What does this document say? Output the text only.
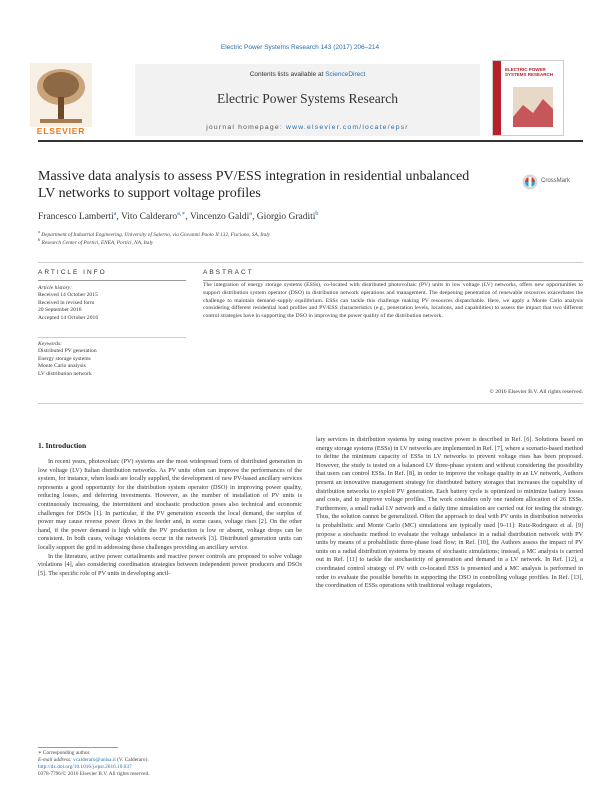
Electric Power Systems Research 143 (2017) 206–214
Contents lists available at ScienceDirect
Electric Power Systems Research
journal homepage: www.elsevier.com/locate/epsr
ELSEVIER
ELECTRIC POWER SYSTEMS RESEARCH
Massive data analysis to assess PV/ESS integration in residential unbalanced LV networks to support voltage profiles
CrossMark
Francesco Lamberti$^a$, Vito Calderaro$^{a,∗}$, Vincenzo Galdi$^a$, Giorgio Graditi$^b$
$^a$ Department of Industrial Engineering, University of Salerno, via Giovanni Paolo II 132, Fisciano, SA, Italy
$^b$ Research Center of Portici, ENEA, Portici, NA, Italy
ARTICLE INFO	ABSTRACT
Article history:
Received 14 October 2015
Received in revised form
20 September 2016
Accepted 14 October 2016
Keywords:
Distributed PV generation
Energy storage systems
Monte Carlo analysis
LV distribution network
The integration of energy storage systems (ESSs), co-located with distributed photovoltaic (PV) units in low voltage (LV) networks, offers new opportunities to support distribution system operator (DSO) in distribution network operations and management. The deepening penetration of renewable resources exacerbates the challenge to maintain demand–supply equilibrium. ESSs can tackle this challenge making PV resources dispatchable. Here, we apply a Monte Carlo analysis considering different residential load profiles and PV/ESS characteristics (e.g., penetration levels, locations, and capabilities) to assess the impact that two different control strategies have in supporting the DSO in improving the power quality of the distribution network.
© 2016 Elsevier B.V. All rights reserved.
1. Introduction

In recent years, photovoltaic (PV) systems are the most widespread form of distributed generation in low voltage (LV) Italian distribution networks. As PV units often can improve the performances of the system, for instance, when loads are locally supplied, the development of new PV-based ancillary services represents a good opportunity for the distribution system operator (DSO) in improving power quality, reducing losses, and deferring investments. However, as the number of installation of PV units is continuously increasing, the intermittent and stochastic production poses also technical and economic challenges for DSOs [1]. In particular, if the PV generation exceeds the local demand, the surplus of power may cause reverse power flows in the feeder and, in some cases, voltage rises [2]. On the other hand, if the power demand is high while the PV production is low or absent, voltage drops can be consistent. In both cases, voltage violations occur in the network [3]. Distributed generation units can locally support the grid in addressing these challenges providing an ancillary service.

In the literature, active power curtailments and reactive power controls are proposed to solve voltage violations [4], also considering coordination strategies between independent power producers and DSOs [5]. The specific role of PV units in developing ancil-

lary services in distribution systems by using reactive power is described in Ref. [6]. Solutions based on energy storage systems (ESSs) in LV networks are implemented in Ref. [7], where a scenario-based method to define the minimum capacity of ESSs in LV networks to prevent voltage rises has been proposed. However, the study is tested on a balanced LV three-phase system and without considering the possibility that users can control ESSs. In Ref. [8], in order to improve the voltage quality in an LV network, Authors present an innovative management strategy for distributed battery storages that increases the capability of distribution networks to exploit PV generation. Each battery cycle is optimized to minimize battery losses and costs, and to improve voltage profiles. The work considers only one random allocation of 26 ESSs. Furthermore, a small radial LV network and a daily time simulation are carried out for testing the strategy. Thus, the solution cannot be generalized. Often the approach to deal with PV units in distribution networks is probabilistic and Monte Carlo (MC) simulations are typically used [9–11]: Ruiz-Rodriguez et al. [9] propose a stochastic method to evaluate the voltage unbalance in a radial distribution network with PV units by means of a probabilistic three-phase load flow; in Ref. [10], the Authors assess the impact of PV units on a radial distribution systems by means of stochastic simulations; instead, a MC analysis is carried out in Ref. [11] to tackle the stochasticity of generation and demand in a LV network. In Ref. [12], a coordinated control strategy of PV with co-located ESS is presented and a MC analysis is performed in order to evaluate the possible benefits in supporting the DSO in controlling voltage profiles. In Ref. [13], the coordination of ESSs operations with traditional voltage regulators,

∗ Corresponding author.
E-mail address: vcalderaro@unisa.it (V. Calderaro).
http://dx.doi.org/10.1016/j.epsr.2016.10.037
0378-7796/© 2016 Elsevier B.V. All rights reserved.
